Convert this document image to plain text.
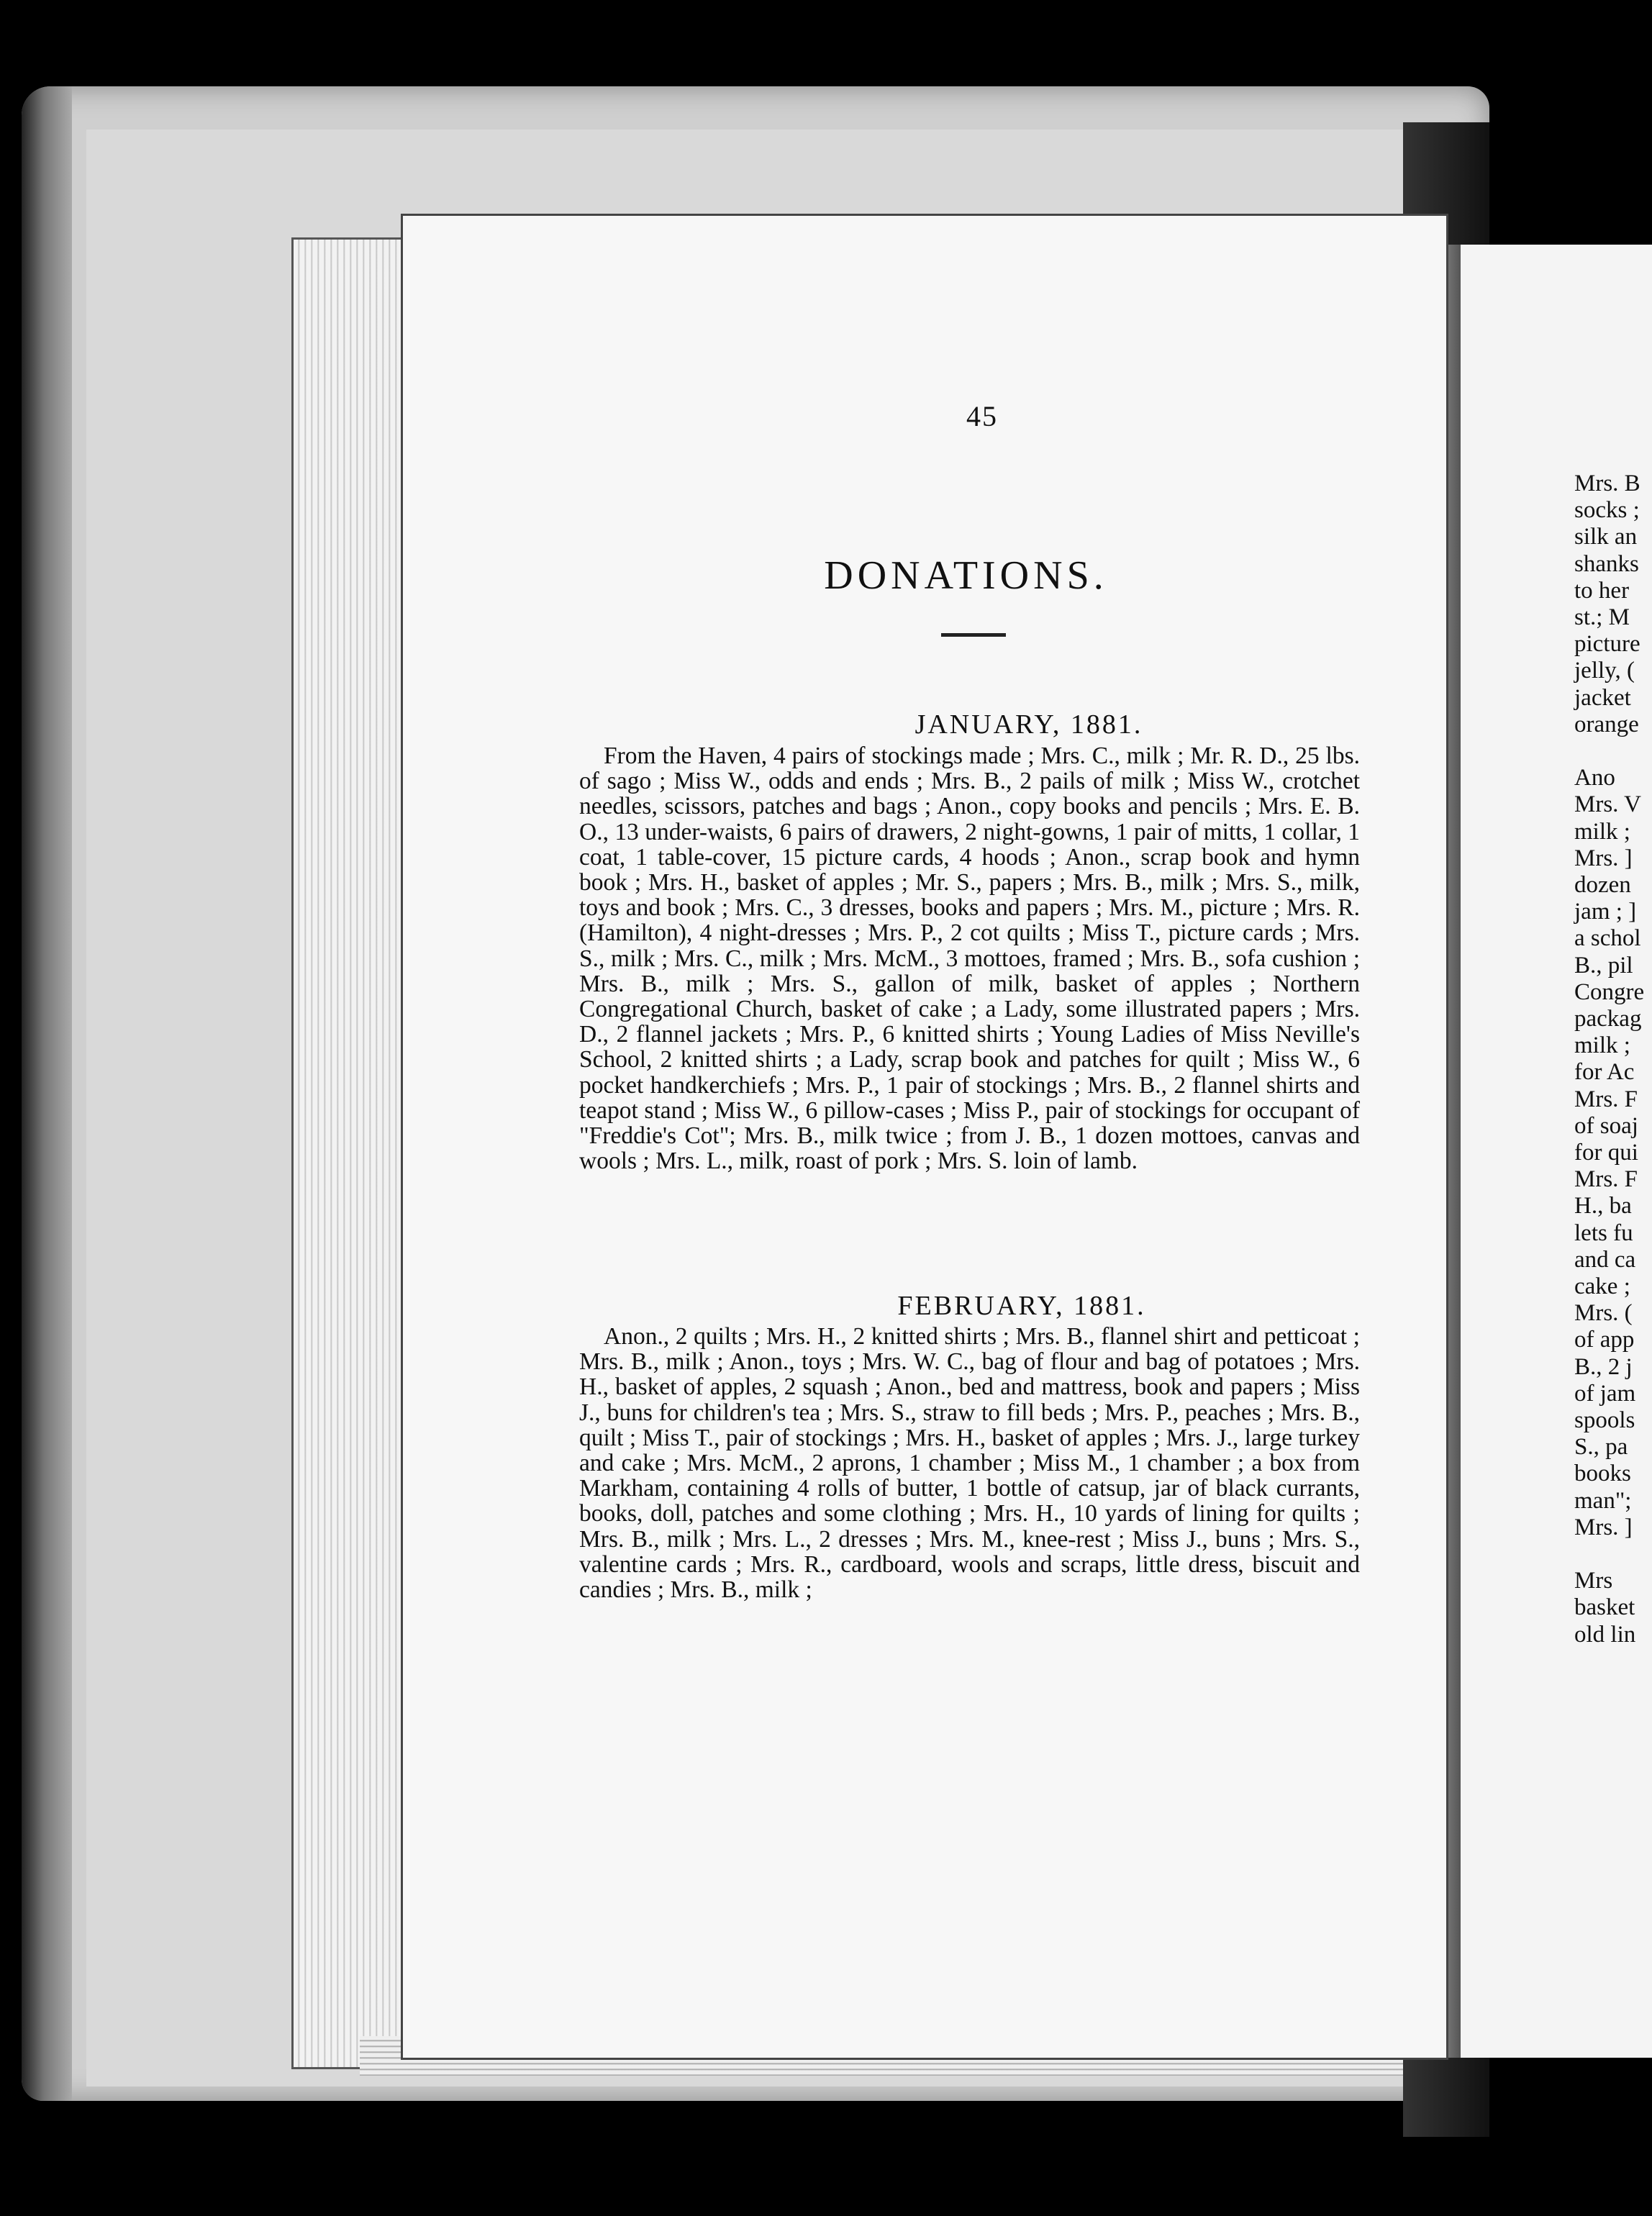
45
DONATIONS.
JANUARY, 1881.

From the Haven, 4 pairs of stockings made ; Mrs. C., milk ; Mr. R. D., 25 lbs. of sago ; Miss W., odds and ends ; Mrs. B., 2 pails of milk ; Miss W., crotchet needles, scissors, patches and bags ; Anon., copy books and pencils ; Mrs. E. B. O., 13 under-waists, 6 pairs of drawers, 2 night-gowns, 1 pair of mitts, 1 collar, 1 coat, 1 table-cover, 15 picture cards, 4 hoods ; Anon., scrap book and hymn book ; Mrs. H., basket of apples ; Mr. S., papers ; Mrs. B., milk ; Mrs. S., milk, toys and book ; Mrs. C., 3 dresses, books and papers ; Mrs. M., picture ; Mrs. R. (Hamilton), 4 night-dresses ; Mrs. P., 2 cot quilts ; Miss T., picture cards ; Mrs. S., milk ; Mrs. C., milk ; Mrs. McM., 3 mottoes, framed ; Mrs. B., sofa cushion ; Mrs. B., milk ; Mrs. S., gallon of milk, basket of apples ; Northern Congregational Church, basket of cake ; a Lady, some illustrated papers ; Mrs. D., 2 flannel jackets ; Mrs. P., 6 knitted shirts ; Young Ladies of Miss Neville's School, 2 knitted shirts ; a Lady, scrap book and patches for quilt ; Miss W., 6 pocket handkerchiefs ; Mrs. P., 1 pair of stockings ; Mrs. B., 2 flannel shirts and teapot stand ; Miss W., 6 pillow-cases ; Miss P., pair of stockings for occupant of "Freddie's Cot"; Mrs. B., milk twice ; from J. B., 1 dozen mottoes, canvas and wools ; Mrs. L., milk, roast of pork ; Mrs. S. loin of lamb.

FEBRUARY, 1881.

Anon., 2 quilts ; Mrs. H., 2 knitted shirts ; Mrs. B., flannel shirt and petticoat ; Mrs. B., milk ; Anon., toys ; Mrs. W. C., bag of flour and bag of potatoes ; Mrs. H., basket of apples, 2 squash ; Anon., bed and mattress, book and papers ; Miss J., buns for children's tea ; Mrs. S., straw to fill beds ; Mrs. P., peaches ; Mrs. B., quilt ; Miss T., pair of stockings ; Mrs. H., basket of apples ; Mrs. J., large turkey and cake ; Mrs. McM., 2 aprons, 1 chamber ; Miss M., 1 chamber ; a box from Markham, containing 4 rolls of butter, 1 bottle of catsup, jar of black currants, books, doll, patches and some clothing ; Mrs. H., 10 yards of lining for quilts ; Mrs. B., milk ; Mrs. L., 2 dresses ; Mrs. M., knee-rest ; Miss J., buns ; Mrs. S., valentine cards ; Mrs. R., cardboard, wools and scraps, little dress, biscuit and candies ; Mrs. B., milk ;

Mrs. B
socks ;
silk an
shanks
to her
st.; M
picture
jelly, (
jacket
orange
Ano
Mrs. V
milk ;
Mrs. ]
dozen
jam ; ]
a schol
B., pil
Congre
packag
milk ;
for Ac
Mrs. F
of soaj
for qui
Mrs. F
H., ba
lets fu
and ca
cake ;
Mrs. (
of app
B., 2 j
of jam
spools
S., pa
books
man";
Mrs. ]
Mrs
basket
old lin
